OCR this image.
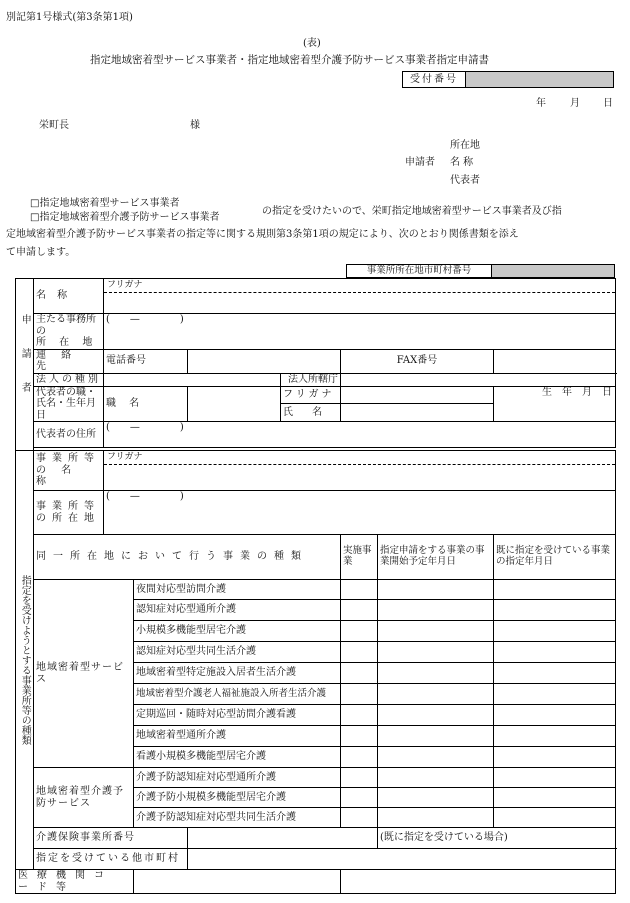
別記第1号様式(第3条第1項)
(表)
指定地域密着型サービス事業者・指定地域密着型介護予防サービス事業者指定申請書
受付番号	
年 月 日
栄町長	様
所在地
申請者 名 称
代表者
□指定地域密着型サービス事業者
□指定地域密着型介護予防サービス事業者
の指定を受けたいので、栄町指定地域密着型サービス事業者及び指
定地域密着型介護予防サービス事業者の指定等に関する規則第3条第1項の規定により、次のとおり関係書類を添え
て申請します。
事業所所在地市町村番号	
申請者	名 称	フリガナ						

	主たる事務所の
所 在 地	(　　—　　　　)						
	連 絡 先	電話番号				FAX番号		
	法人の種別				法人所轄庁			

	代表者の職・
氏名・生年月日	職 名			フリガナ			生　年　月　日
					氏 名			
	代表者の住所	(　　—　　　　)						

指定を受けようとする事業所等の種類	事業所等
の 名 称	フリガナ						

	事業所等
の所在地	(　　—　　　　)						
	同一所在地において行う事業の種類					実施事業	指定申請をする事業の事業開始予定年月日	既に指定を受けている事業の指定年月日
	地域密着型サービス		夜間対応型訪問介護					
			認知症対応型通所介護					
			小規模多機能型居宅介護					
			認知症対応型共同生活介護					
			地域密着型特定施設入居者生活介護					
			地域密着型介護老人福祉施設入所者生活介護					
			定期巡回・随時対応型訪問介護看護					
			地域密着型通所介護					
			看護小規模多機能型居宅介護					
	地域密着型介護予防サービス		介護予防認知症対応型通所介護					
			介護予防小規模多機能型居宅介護					
			介護予防認知症対応型共同生活介護					
	介護保険事業所番号						(既に指定を受けている場合)	
	指定を受けている他市町村							
医療機関コード等							
